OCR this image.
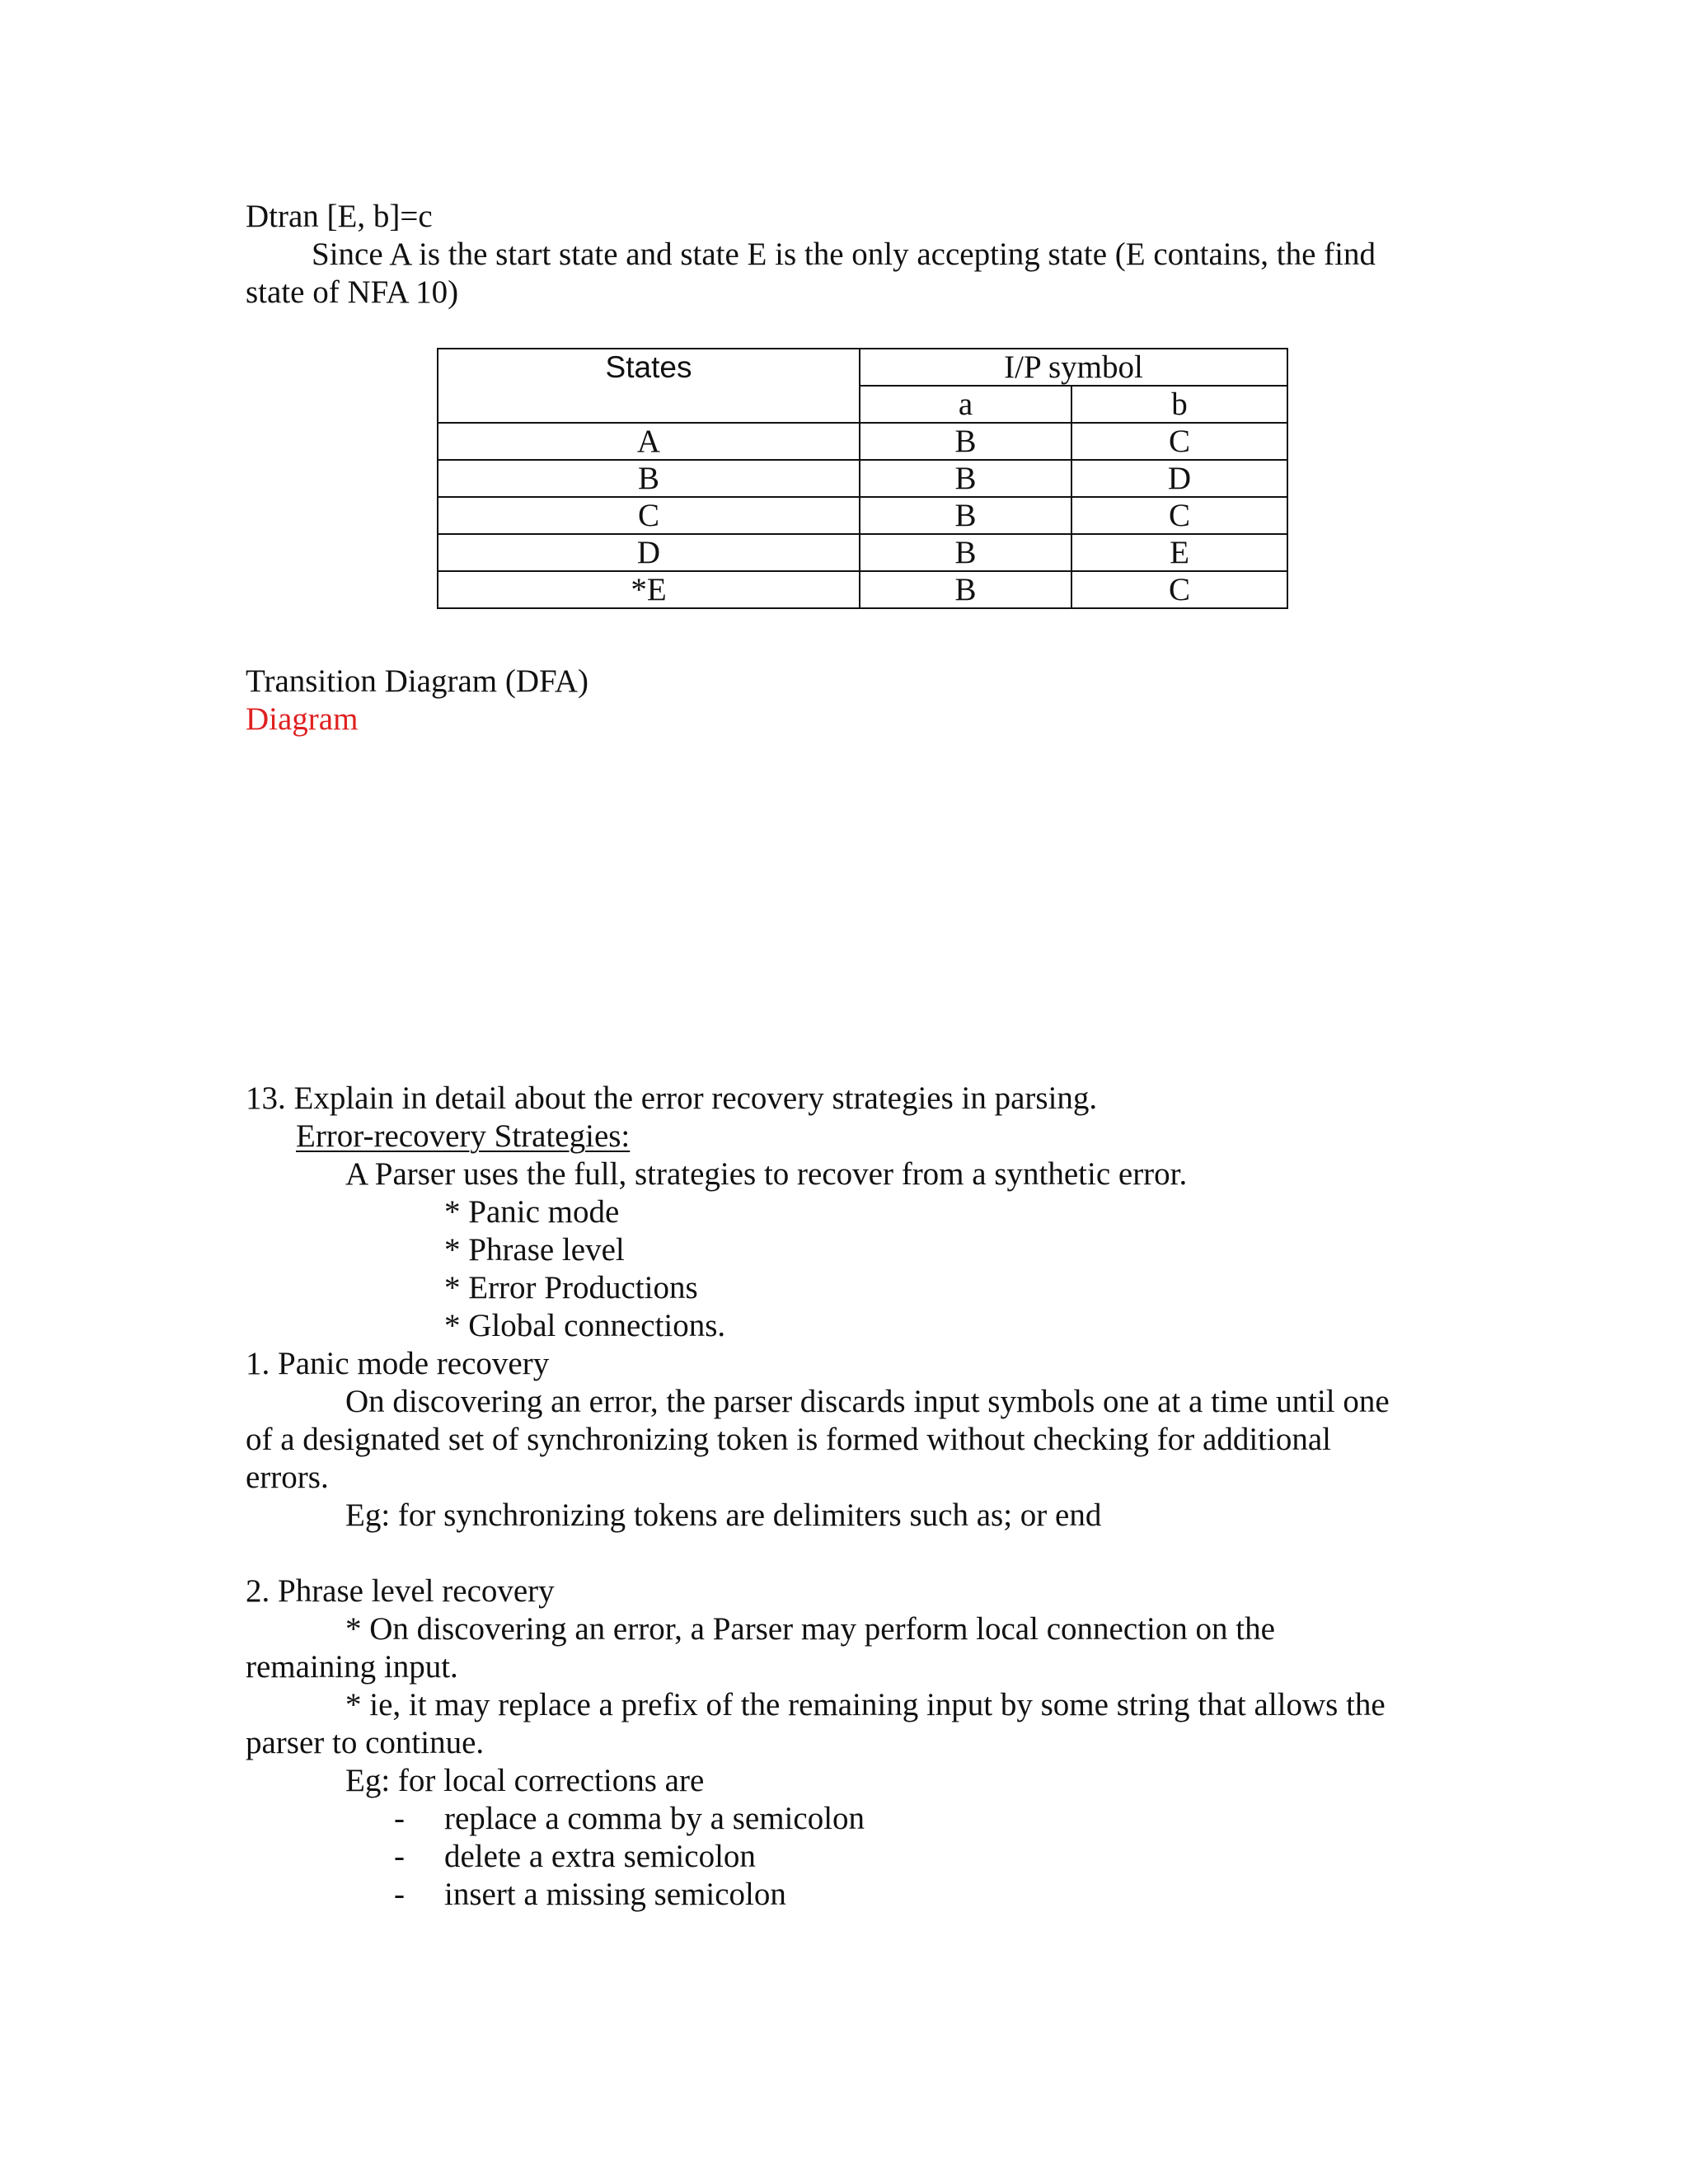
Dtran [E, b]=c

Since A is the start state and state E is the only accepting state (E contains, the find

state of NFA 10)

States	I/P symbol	
	a	b
A	B	C
B	B	D
C	B	C
D	B	E
*E	B	C

Transition Diagram (DFA)

Diagram

13. Explain in detail about the error recovery strategies in parsing.

Error-recovery Strategies:

A Parser uses the full, strategies to recover from a synthetic error.

* Panic mode

* Phrase level

* Error Productions

* Global connections.

1. Panic mode recovery

On discovering an error, the parser discards input symbols one at a time until one

of a designated set of synchronizing token is formed without checking for additional

errors.

Eg: for synchronizing tokens are delimiters such as; or end

2. Phrase level recovery

* On discovering an error, a Parser may perform local connection on the

remaining input.

* ie, it may replace a prefix of the remaining input by some string that allows the

parser to continue.

Eg: for local corrections are

- replace a comma by a semicolon

- delete a extra semicolon

- insert a missing semicolon
